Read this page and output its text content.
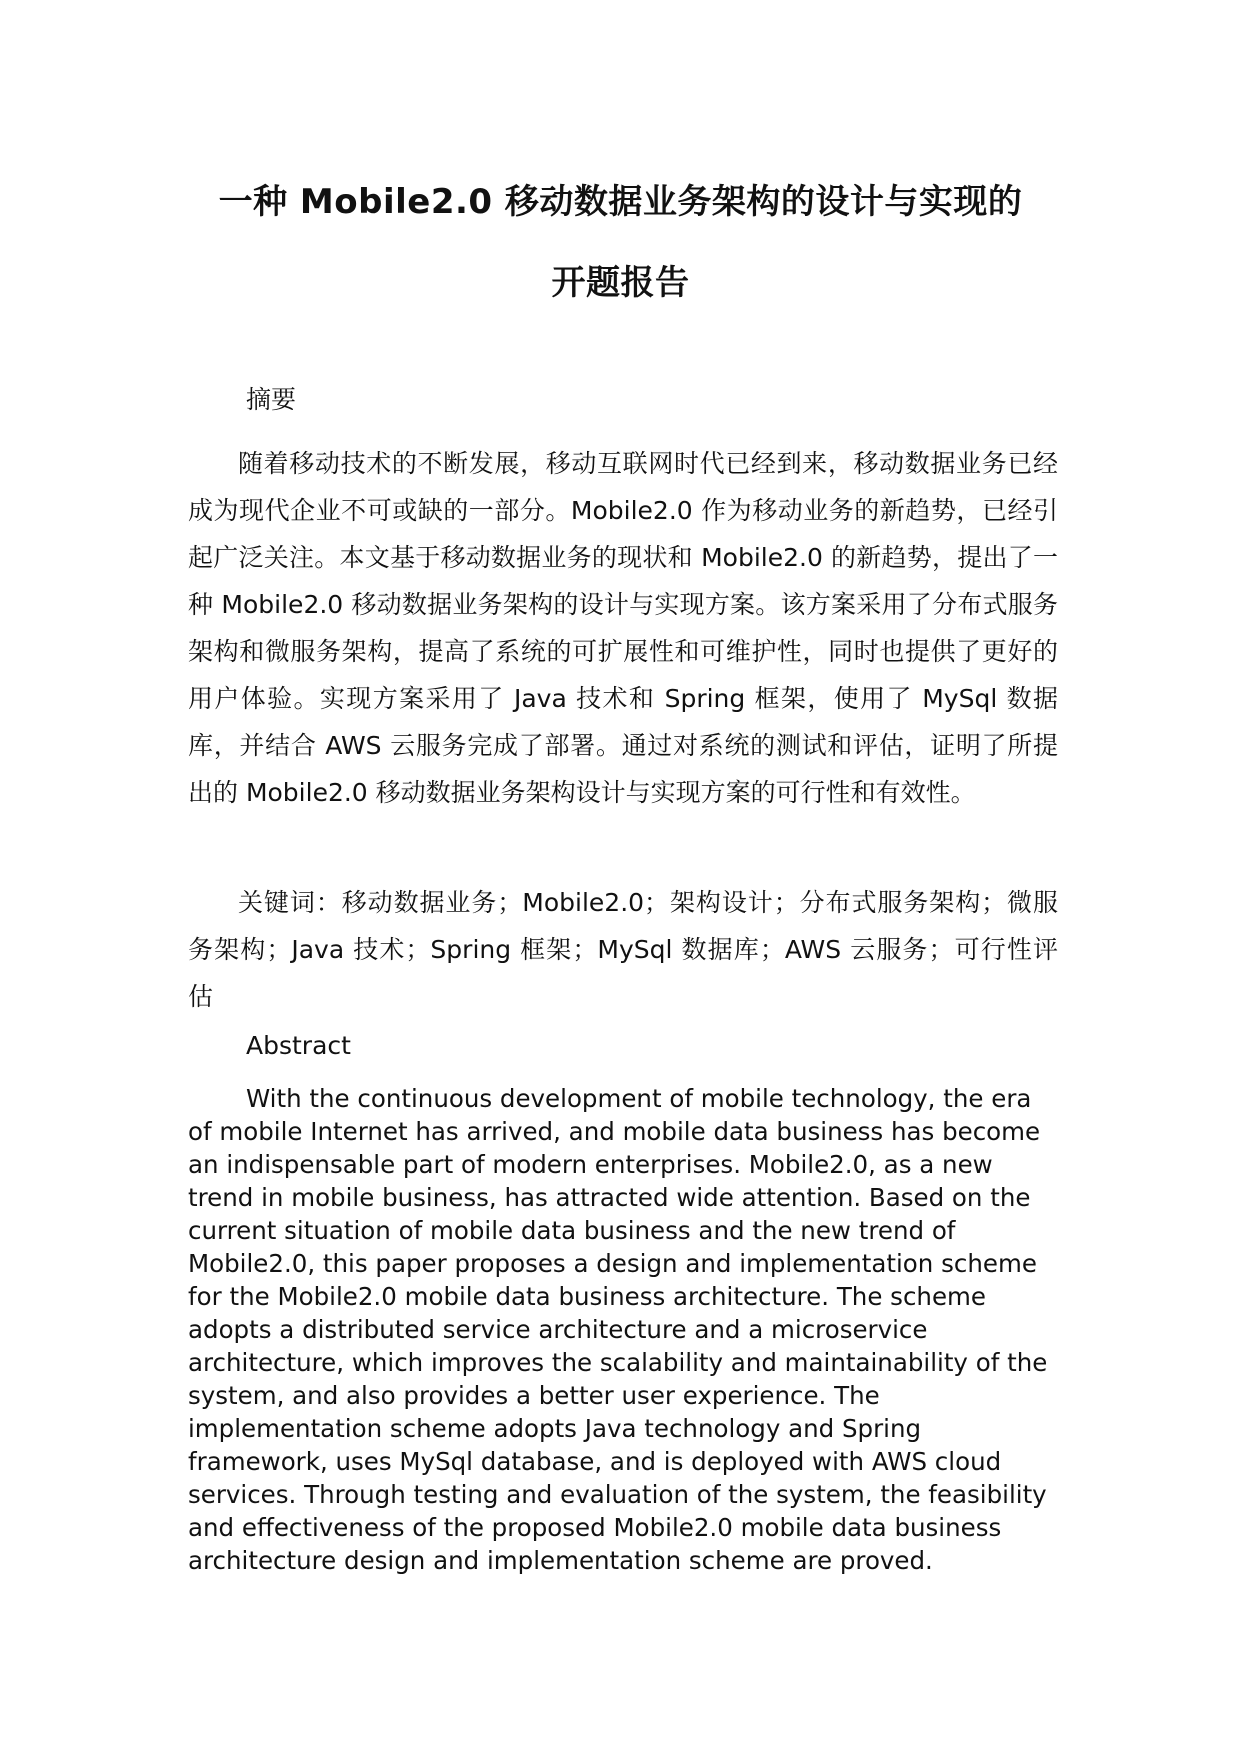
一种 Mobile2.0 移动数据业务架构的设计与实现的
开题报告

摘要

随着移动技术的不断发展，移动互联网时代已经到来，移动数据业务已经成为现代企业不可或缺的一部分。Mobile2.0 作为移动业务的新趋势，已经引起广泛关注。本文基于移动数据业务的现状和 Mobile2.0 的新趋势，提出了一种 Mobile2.0 移动数据业务架构的设计与实现方案。该方案采用了分布式服务架构和微服务架构，提高了系统的可扩展性和可维护性，同时也提供了更好的用户体验。实现方案采用了 Java 技术和 Spring 框架，使用了 MySql 数据库，并结合 AWS 云服务完成了部署。通过对系统的测试和评估，证明了所提出的 Mobile2.0 移动数据业务架构设计与实现方案的可行性和有效性。

关键词：移动数据业务；Mobile2.0；架构设计；分布式服务架构；微服务架构；Java 技术；Spring 框架；MySql 数据库；AWS 云服务；可行性评估

Abstract

With the continuous development of mobile technology, the era of mobile Internet has arrived, and mobile data business has become an indispensable part of modern enterprises. Mobile2.0, as a new trend in mobile business, has attracted wide attention. Based on the current situation of mobile data business and the new trend of Mobile2.0, this paper proposes a design and implementation scheme for the Mobile2.0 mobile data business architecture. The scheme adopts a distributed service architecture and a microservice architecture, which improves the scalability and maintainability of the system, and also provides a better user experience. The implementation scheme adopts Java technology and Spring framework, uses MySql database, and is deployed with AWS cloud services. Through testing and evaluation of the system, the feasibility and effectiveness of the proposed Mobile2.0 mobile data business architecture design and implementation scheme are proved.
